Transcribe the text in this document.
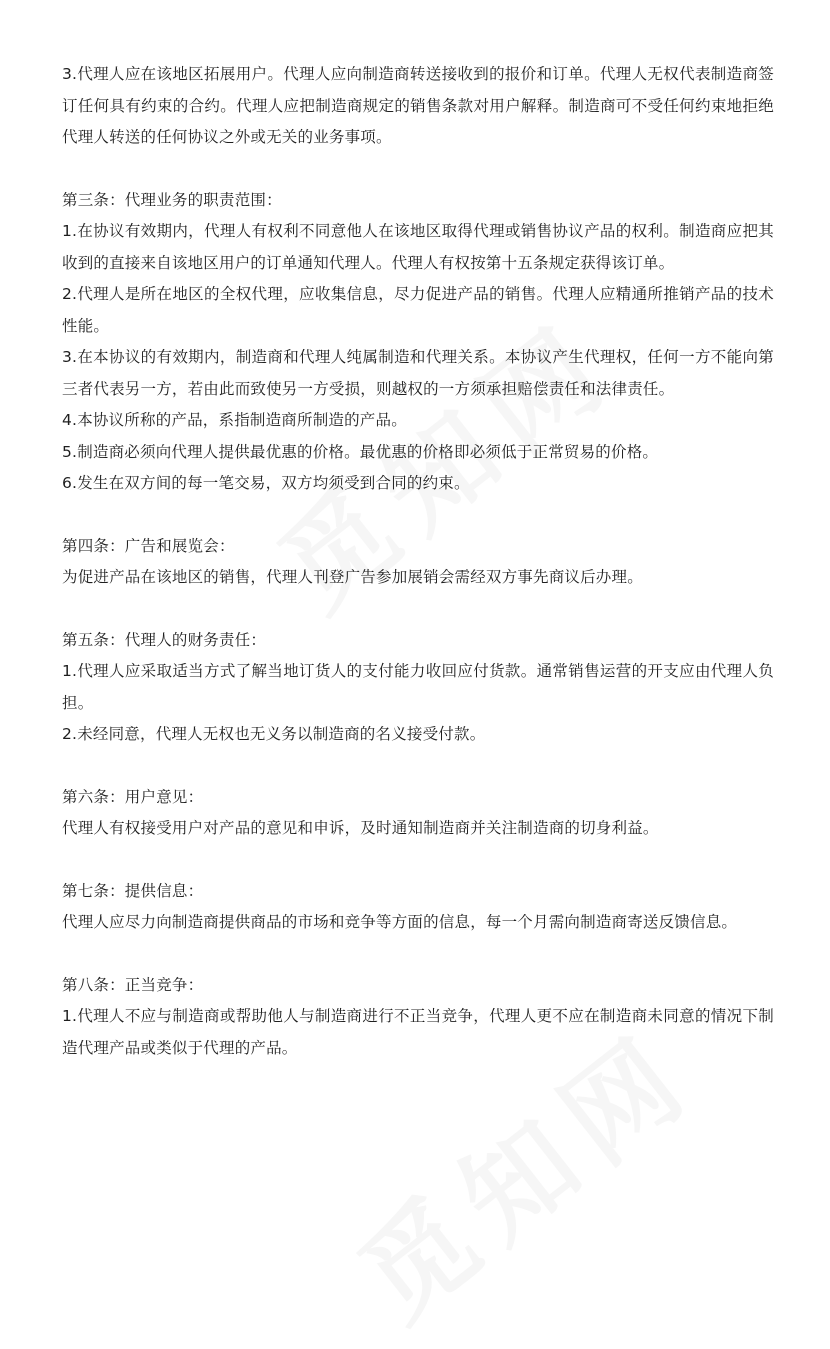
3.代理人应在该地区拓展用户。代理人应向制造商转送接收到的报价和订单。代理人无权代表制造商签订任何具有约束的合约。代理人应把制造商规定的销售条款对用户解释。制造商可不受任何约束地拒绝代理人转送的任何协议之外或无关的业务事项。

第三条：代理业务的职责范围：

1.在协议有效期内，代理人有权利不同意他人在该地区取得代理或销售协议产品的权利。制造商应把其收到的直接来自该地区用户的订单通知代理人。代理人有权按第十五条规定获得该订单。

2.代理人是所在地区的全权代理，应收集信息，尽力促进产品的销售。代理人应精通所推销产品的技术性能。

3.在本协议的有效期内，制造商和代理人纯属制造和代理关系。本协议产生代理权，任何一方不能向第三者代表另一方，若由此而致使另一方受损，则越权的一方须承担赔偿责任和法律责任。

4.本协议所称的产品，系指制造商所制造的产品。

5.制造商必须向代理人提供最优惠的价格。最优惠的价格即必须低于正常贸易的价格。

6.发生在双方间的每一笔交易，双方均须受到合同的约束。

第四条：广告和展览会：

为促进产品在该地区的销售，代理人刊登广告参加展销会需经双方事先商议后办理。

第五条：代理人的财务责任：

1.代理人应采取适当方式了解当地订货人的支付能力收回应付货款。通常销售运营的开支应由代理人负担。

2.未经同意，代理人无权也无义务以制造商的名义接受付款。

第六条：用户意见：

代理人有权接受用户对产品的意见和申诉，及时通知制造商并关注制造商的切身利益。

第七条：提供信息：

代理人应尽力向制造商提供商品的市场和竞争等方面的信息，每一个月需向制造商寄送反馈信息。

第八条：正当竞争：

1.代理人不应与制造商或帮助他人与制造商进行不正当竞争，代理人更不应在制造商未同意的情况下制造代理产品或类似于代理的产品。
